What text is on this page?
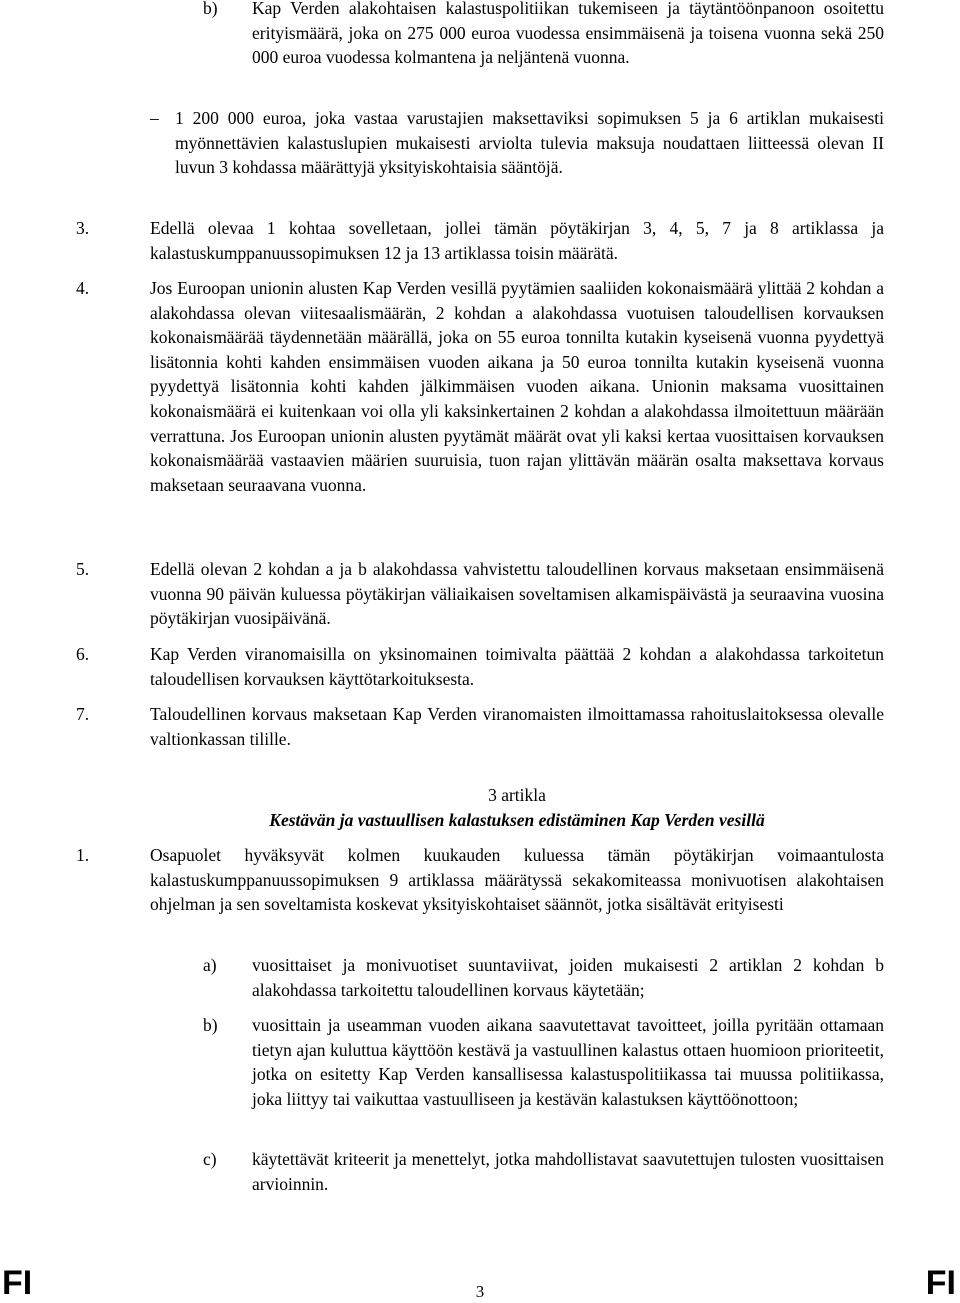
b) Kap Verden alakohtaisen kalastuspolitiikan tukemiseen ja täytäntöönpanoon osoitettu erityismäärä, joka on 275 000 euroa vuodessa ensimmäisenä ja toisena vuonna sekä 250 000 euroa vuodessa kolmantena ja neljäntenä vuonna.
– 1 200 000 euroa, joka vastaa varustajien maksettaviksi sopimuksen 5 ja 6 artiklan mukaisesti myönnettävien kalastuslupien mukaisesti arviolta tulevia maksuja noudattaen liitteessä olevan II luvun 3 kohdassa määrättyjä yksityiskohtaisia sääntöjä.
3.	Edellä olevaa 1 kohtaa sovelletaan, jollei tämän pöytäkirjan 3, 4, 5, 7 ja 8 artiklassa ja kalastuskumppanuussopimuksen 12 ja 13 artiklassa toisin määrätä.
4.	Jos Euroopan unionin alusten Kap Verden vesillä pyytämien saaliiden kokonaismäärä ylittää 2 kohdan a alakohdassa olevan viitesaalismäärän, 2 kohdan a alakohdassa vuotuisen taloudellisen korvauksen kokonaismäärää täydennetään määrällä, joka on 55 euroa tonnilta kutakin kyseisenä vuonna pyydettyä lisätonnia kohti kahden ensimmäisen vuoden aikana ja 50 euroa tonnilta kutakin kyseisenä vuonna pyydettyä lisätonnia kohti kahden jälkimmäisen vuoden aikana. Unionin maksama vuosittainen kokonaismäärä ei kuitenkaan voi olla yli kaksinkertainen 2 kohdan a alakohdassa ilmoitettuun määrään verrattuna. Jos Euroopan unionin alusten pyytämät määrät ovat yli kaksi kertaa vuosittaisen korvauksen kokonaismäärää vastaavien määrien suuruisia, tuon rajan ylittävän määrän osalta maksettava korvaus maksetaan seuraavana vuonna.
5.	Edellä olevan 2 kohdan a ja b alakohdassa vahvistettu taloudellinen korvaus maksetaan ensimmäisenä vuonna 90 päivän kuluessa pöytäkirjan väliaikaisen soveltamisen alkamispäivästä ja seuraavina vuosina pöytäkirjan vuosipäivänä.
6.	Kap Verden viranomaisilla on yksinomainen toimivalta päättää 2 kohdan a alakohdassa tarkoitetun taloudellisen korvauksen käyttötarkoituksesta.
7.	Taloudellinen korvaus maksetaan Kap Verden viranomaisten ilmoittamassa rahoituslaitoksessa olevalle valtionkassan tilille.
3 artikla
Kestävän ja vastuullisen kalastuksen edistäminen Kap Verden vesillä
1.	Osapuolet hyväksyvät kolmen kuukauden kuluessa tämän pöytäkirjan voimaantulosta kalastuskumppanuussopimuksen 9 artiklassa määrätyssä sekakomiteassa monivuotisen alakohtaisen ohjelman ja sen soveltamista koskevat yksityiskohtaiset säännöt, jotka sisältävät erityisesti
a) vuosittaiset ja monivuotiset suuntaviivat, joiden mukaisesti 2 artiklan 2 kohdan b alakohdassa tarkoitettu taloudellinen korvaus käytetään;
b) vuosittain ja useamman vuoden aikana saavutettavat tavoitteet, joilla pyritään ottamaan tietyn ajan kuluttua käyttöön kestävä ja vastuullinen kalastus ottaen huomioon prioriteetit, jotka on esitetty Kap Verden kansallisessa kalastuspolitiikassa tai muussa politiikassa, joka liittyy tai vaikuttaa vastuulliseen ja kestävän kalastuksen käyttöönottoon;
c) käytettävät kriteerit ja menettelyt, jotka mahdollistavat saavutettujen tulosten vuosittaisen arvioinnin.
FI	3	FI
